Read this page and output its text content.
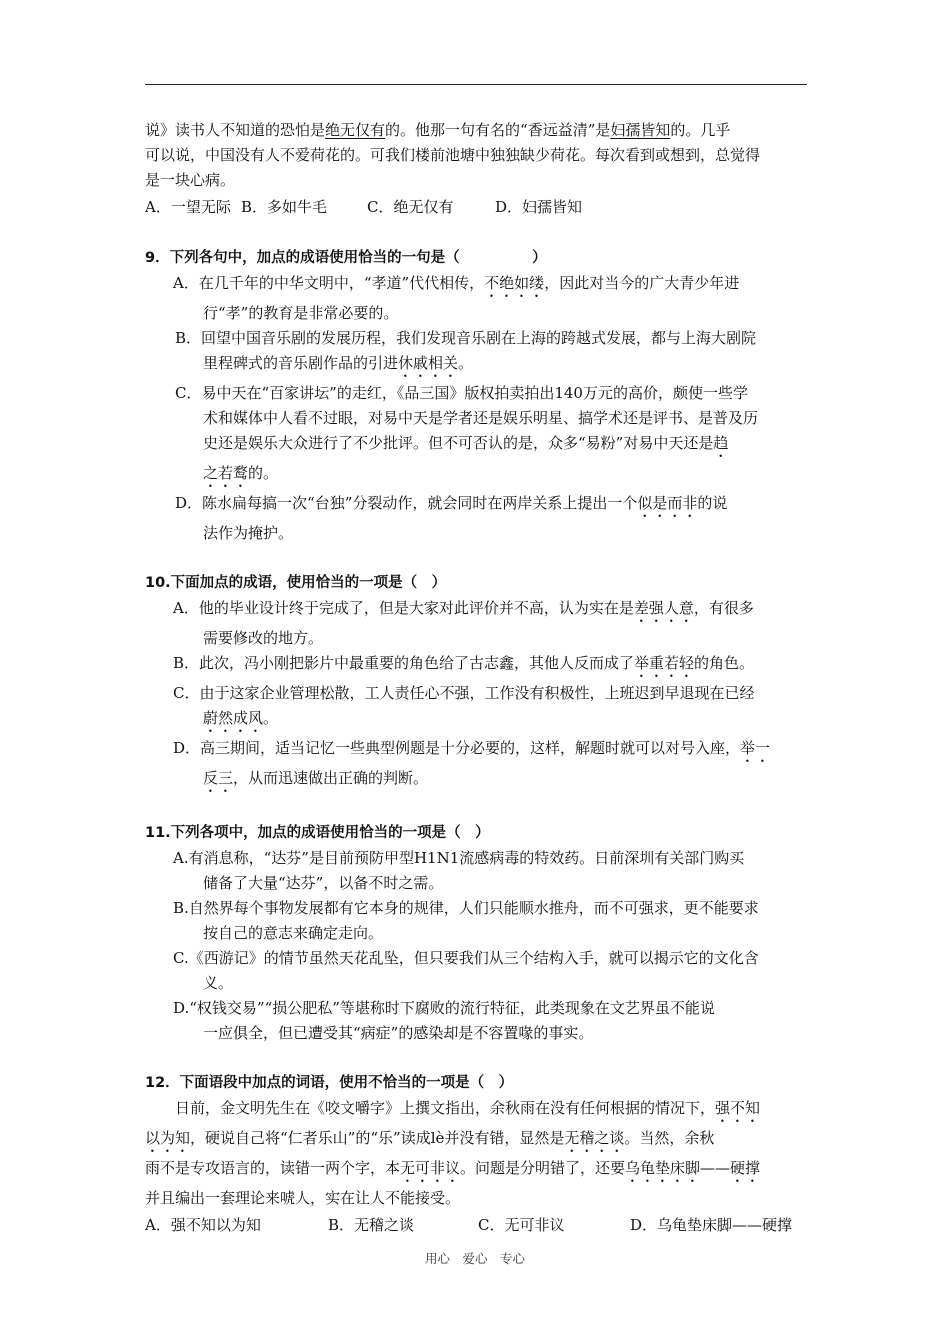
说》读书人不知道的恐怕是绝无仅有的。他那一句有名的“香远益清”是妇孺皆知的。几乎
可以说，中国没有人不爱荷花的。可我们楼前池塘中独独缺少荷花。每次看到或想到，总觉得
是一块心病。
A．一望无际 B．多如牛毛	C．绝无仅有	D．妇孺皆知
9．下列各句中，加点的成语使用恰当的一句是（　　　　　）
A．在几千年的中华文明中，“孝道”代代相传，不绝如缕，因此对当今的广大青少年进
行“孝”的教育是非常必要的。
B．回望中国音乐剧的发展历程，我们发现音乐剧在上海的跨越式发展，都与上海大剧院
里程碑式的音乐剧作品的引进休戚相关。
C．易中天在“百家讲坛”的走红，《品三国》版权拍卖拍出140万元的高价，颇使一些学
术和媒体中人看不过眼，对易中天是学者还是娱乐明星、搞学术还是评书、是普及历
史还是娱乐大众进行了不少批评。但不可否认的是，众多“易粉”对易中天还是趋
之若鹜的。
D．陈水扁每搞一次“台独”分裂动作，就会同时在两岸关系上提出一个似是而非的说
法作为掩护。
10.下面加点的成语，使用恰当的一项是（　）
A．他的毕业设计终于完成了，但是大家对此评价并不高，认为实在是差强人意，有很多
需要修改的地方。
B．此次，冯小刚把影片中最重要的角色给了古志鑫，其他人反而成了举重若轻的角色。
C．由于这家企业管理松散，工人责任心不强，工作没有积极性，上班迟到早退现在已经
蔚然成风。
D．高三期间，适当记忆一些典型例题是十分必要的，这样，解题时就可以对号入座，举一
反三，从而迅速做出正确的判断。
11.下列各项中，加点的成语使用恰当的一项是（　）
A.有消息称，“达芬”是目前预防甲型H1N1流感病毒的特效药。日前深圳有关部门购买
储备了大量“达芬”，以备不时之需。
B.自然界每个事物发展都有它本身的规律，人们只能顺水推舟，而不可强求，更不能要求
按自己的意志来确定走向。
C.《西游记》的情节虽然天花乱坠，但只要我们从三个结构入手，就可以揭示它的文化含
义。
D.“权钱交易”“损公肥私”等堪称时下腐败的流行特征，此类现象在文艺界虽不能说
一应俱全，但已遭受其“病症”的感染却是不容置喙的事实。
12．下面语段中加点的词语，使用不恰当的一项是（　）
日前，金文明先生在《咬文嚼字》上撰文指出，余秋雨在没有任何根据的情况下，强不知
以为知，硬说自己将“仁者乐山”的“乐”读成lè并没有错，显然是无稽之谈。当然，余秋
雨不是专攻语言的，读错一两个字，本无可非议。问题是分明错了，还要乌龟垫床脚——硬撑
并且编出一套理论来唬人，实在让人不能接受。
A．强不知以为知	B．无稽之谈	C．无可非议	D．乌龟垫床脚——硬撑
用心　爱心　专心
